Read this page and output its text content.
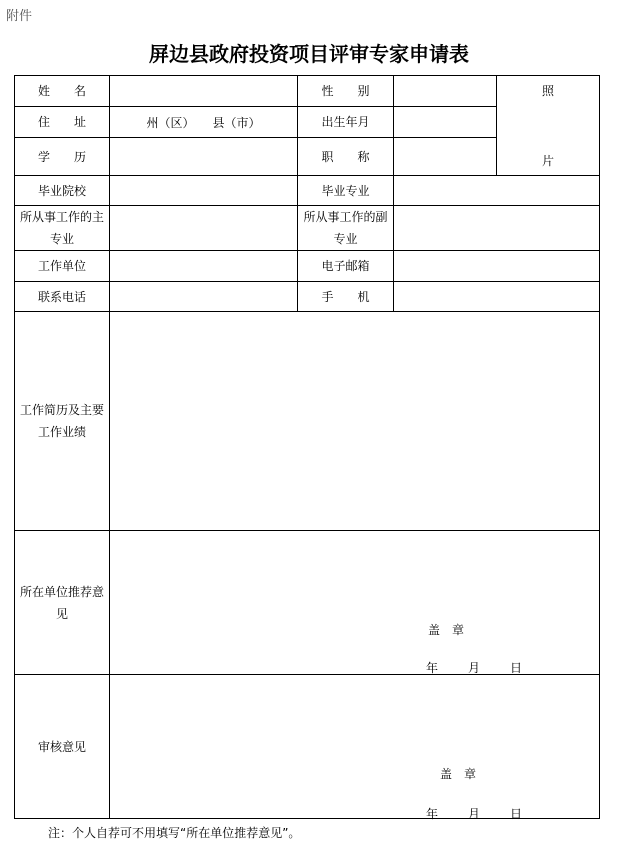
附件
屏边县政府投资项目评审专家申请表
姓　　名		性　　别		照
片

住　　址	州（区）　　县（市）	出生年月		
学　　历		职　　称		
毕业院校		毕业专业		
所从事工作的主专业		所从事工作的副专业		
工作单位		电子邮箱		
联系电话		手　　机		
工作简历及主要工作业绩				
所在单位推荐意见	盖　章
年 月 日			

审核意见	盖　章
年 月 日			
注：个人自荐可不用填写“所在单位推荐意见”。
